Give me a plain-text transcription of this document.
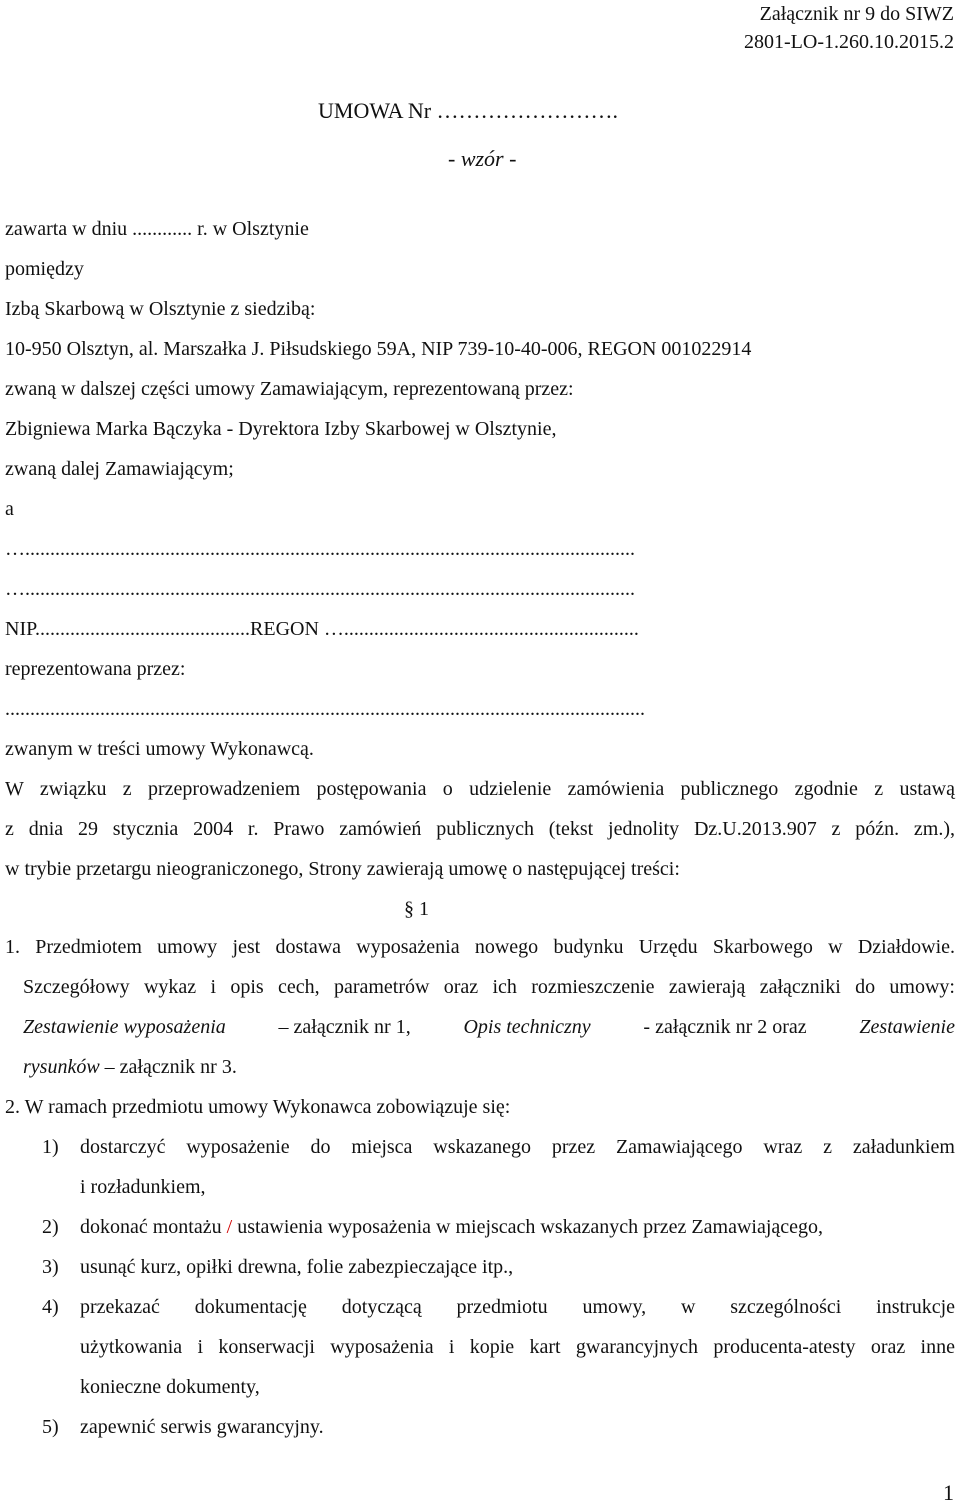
Załącznik nr 9 do SIWZ
2801-LO-1.260.10.2015.2
UMOWA Nr …………………….
- wzór -
zawarta w dniu ............ r. w Olsztynie
pomiędzy
Izbą Skarbową w Olsztynie z siedzibą:
10-950 Olsztyn, al. Marszałka J. Piłsudskiego 59A, NIP 739-10-40-006, REGON 001022914
zwaną w dalszej części umowy Zamawiającym, reprezentowaną przez:
Zbigniewa Marka Bączyka - Dyrektora Izby Skarbowej w Olsztynie,
zwaną dalej Zamawiającym;
a
…..........................................................................................................................
…..........................................................................................................................
NIP...........................................REGON …...........................................................
reprezentowana przez:
................................................................................................................................
zwanym w treści umowy Wykonawcą.
W związku z przeprowadzeniem postępowania o udzielenie zamówienia publicznego zgodnie z ustawą
z dnia 29 stycznia 2004 r. Prawo zamówień publicznych (tekst jednolity Dz.U.2013.907 z późn. zm.),
w trybie przetargu nieograniczonego, Strony zawierają umowę o następującej treści:
§ 1
1. Przedmiotem umowy jest dostawa wyposażenia nowego budynku Urzędu Skarbowego w Działdowie.
Szczegółowy wykaz i opis cech, parametrów oraz ich rozmieszczenie zawierają załączniki do umowy:
Zestawienie wyposażenia	– załącznik nr 1,	Opis techniczny	- załącznik nr 2 oraz	Zestawienie
rysunków – załącznik nr 3.
2. W ramach przedmiotu umowy Wykonawca zobowiązuje się:
1) dostarczyć wyposażenie do miejsca wskazanego przez Zamawiającego wraz z załadunkiem
i rozładunkiem,
2) dokonać montażu / ustawienia wyposażenia w miejscach wskazanych przez Zamawiającego,
3) usunąć kurz, opiłki drewna, folie zabezpieczające itp.,
4) przekazać dokumentację dotyczącą przedmiotu umowy, w szczególności instrukcje
użytkowania i konserwacji wyposażenia i kopie kart gwarancyjnych producenta-atesty oraz inne
konieczne dokumenty,
5) zapewnić serwis gwarancyjny.
1
